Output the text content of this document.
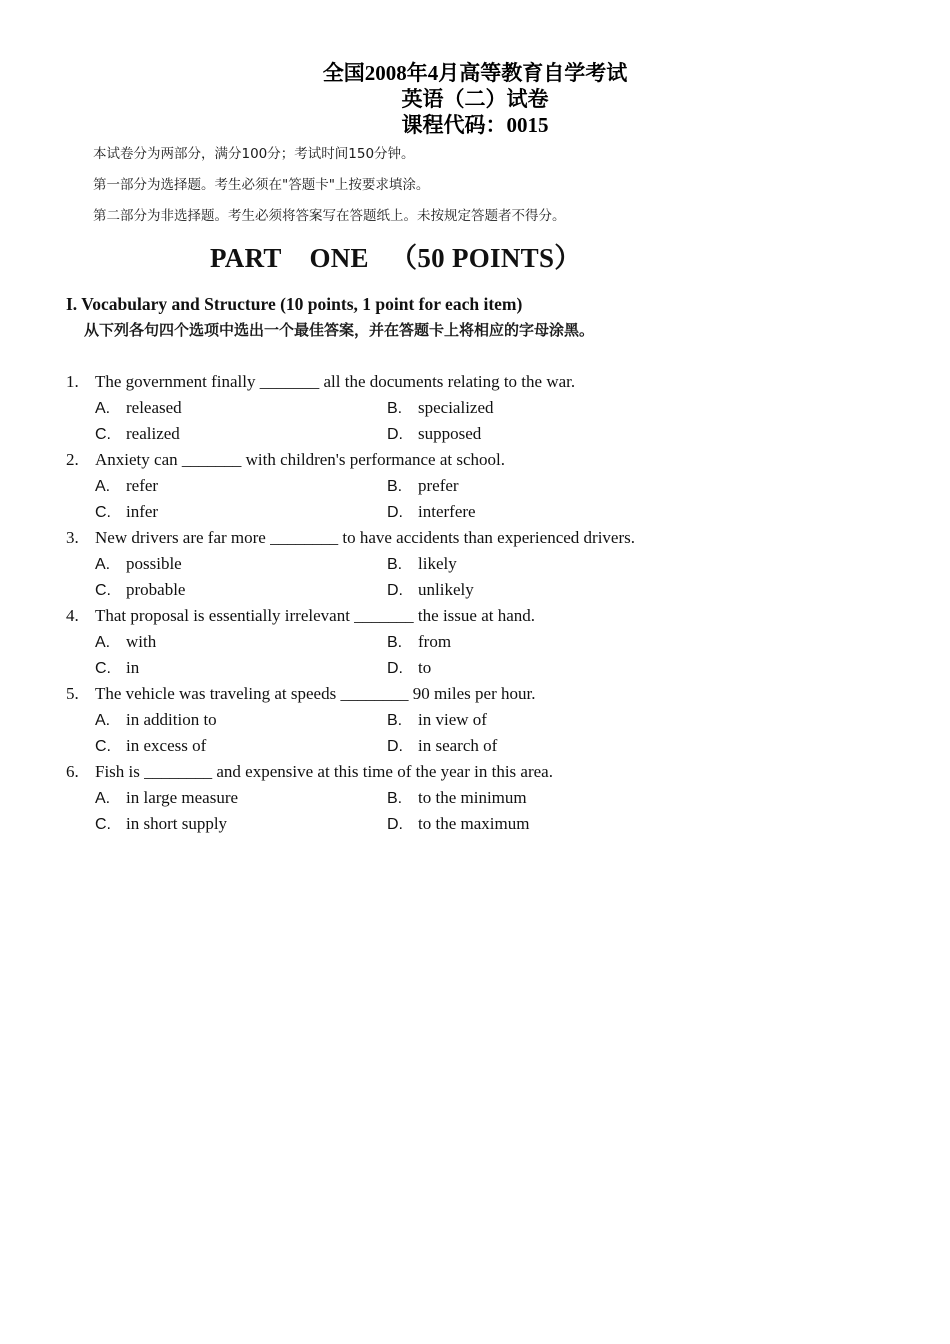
全国2008年4月高等教育自学考试
英语（二）试卷
课程代码：0015
本试卷分为两部分，满分100分；考试时间150分钟。
第一部分为选择题。考生必须在"答题卡"上按要求填涂。
第二部分为非选择题。考生必须将答案写在答题纸上。未按规定答题者不得分。
PART    ONE   （50 POINTS）
I. Vocabulary and Structure (10 points, 1 point for each item)
从下列各句四个选项中选出一个最佳答案，并在答题卡上将相应的字母涂黑。
1. The government finally _______ all the documents relating to the war.
A. released	B. specialized
C. realized	D. supposed
2. Anxiety can _______ with children's performance at school.
A. refer	B. prefer
C. infer	D. interfere
3. New drivers are far more ________ to have accidents than experienced drivers.
A. possible	B. likely
C. probable	D. unlikely
4. That proposal is essentially irrelevant _______ the issue at hand.
A. with	B. from
C. in	D. to
5. The vehicle was traveling at speeds ________ 90 miles per hour.
A. in addition to	B. in view of
C. in excess of	D. in search of
6. Fish is ________ and expensive at this time of the year in this area.
A. in large measure	B. to the minimum
C. in short supply	D. to the maximum
